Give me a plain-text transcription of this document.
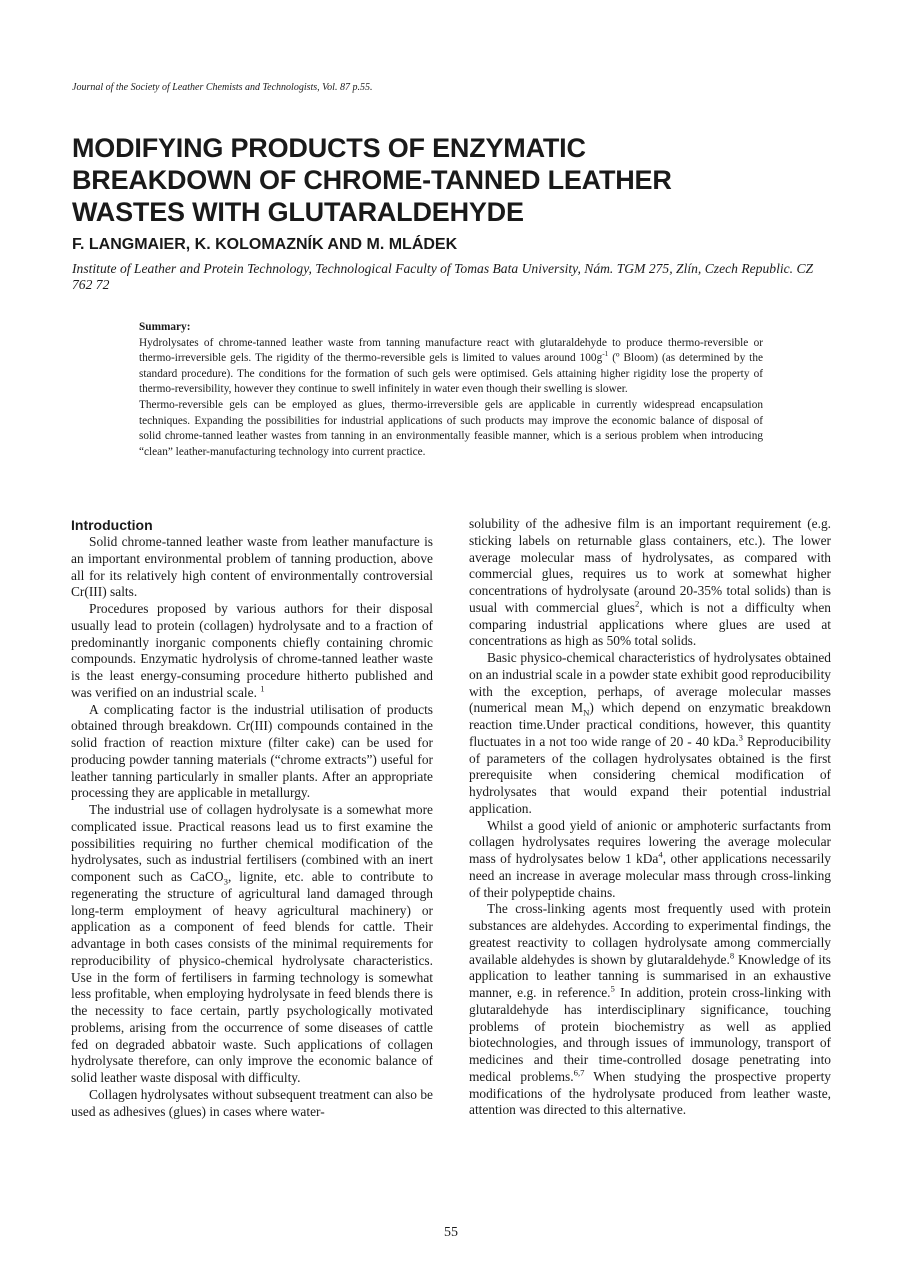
Journal of the Society of Leather Chemists and Technologists, Vol. 87 p.55.
MODIFYING PRODUCTS OF ENZYMATIC
BREAKDOWN OF CHROME-TANNED LEATHER
WASTES WITH GLUTARALDEHYDE
F. LANGMAIER, K. KOLOMAZNÍK AND M. MLÁDEK
Institute of Leather and Protein Technology, Technological Faculty of Tomas Bata University, Nám. TGM 275, Zlín, Czech Republic. CZ 762 72

Summary:

Hydrolysates of chrome-tanned leather waste from tanning manufacture react with glutaraldehyde to produce thermo-reversible or thermo-irreversible gels. The rigidity of the thermo-reversible gels is limited to values around $100g^{-1}$ (º Bloom) (as determined by the standard procedure). The conditions for the formation of such gels were optimised. Gels attaining higher rigidity lose the property of thermo-reversibility, however they continue to swell infinitely in water even though their swelling is slower.

Thermo-reversible gels can be employed as glues, thermo-irreversible gels are applicable in currently widespread encapsulation techniques. Expanding the possibilities for industrial applications of such products may improve the economic balance of disposal of solid chrome-tanned leather wastes from tanning in an environmentally feasible manner, which is a serious problem when introducing “clean” leather-manufacturing technology into current practice.

Introduction

Solid chrome-tanned leather waste from leather manufacture is an important environmental problem of tanning production, above all for its relatively high content of environmentally controversial Cr(III) salts.

Procedures proposed by various authors for their disposal usually lead to protein (collagen) hydrolysate and to a fraction of predominantly inorganic components chiefly containing chromic compounds. Enzymatic hydrolysis of chrome-tanned leather waste is the least energy-consuming procedure hitherto published and was verified on an industrial scale. $^1$

A complicating factor is the industrial utilisation of products obtained through breakdown. Cr(III) compounds contained in the solid fraction of reaction mixture (filter cake) can be used for producing powder tanning materials (“chrome extracts”) useful for leather tanning particularly in smaller plants. After an appropriate processing they are applicable in metallurgy.

The industrial use of collagen hydrolysate is a somewhat more complicated issue. Practical reasons lead us to first examine the possibilities requiring no further chemical modification of the hydrolysates, such as industrial fertilisers (combined with an inert component such as CaCO$_3$, lignite, etc. able to contribute to regenerating the structure of agricultural land damaged through long-term employment of heavy agricultural machinery) or application as a component of feed blends for cattle. Their advantage in both cases consists of the minimal requirements for reproducibility of physico-chemical hydrolysate characteristics. Use in the form of fertilisers in farming technology is somewhat less profitable, when employing hydrolysate in feed blends there is the necessity to face certain, partly psychologically motivated problems, arising from the occurrence of some diseases of cattle fed on degraded abbatoir waste. Such applications of collagen hydrolysate therefore, can only improve the economic balance of solid leather waste disposal with difficulty.

Collagen hydrolysates without subsequent treatment can also be used as adhesives (glues) in cases where water-

solubility of the adhesive film is an important requirement (e.g. sticking labels on returnable glass containers, etc.). The lower average molecular mass of hydrolysates, as compared with commercial glues, requires us to work at somewhat higher concentrations of hydrolysate (around 20-35% total solids) than is usual with commercial glues$^2$, which is not a difficulty when comparing industrial applications where glues are used at concentrations as high as 50% total solids.

Basic physico-chemical characteristics of hydrolysates obtained on an industrial scale in a powder state exhibit good reproducibility with the exception, perhaps, of average molecular masses (numerical mean $M_N$) which depend on enzymatic breakdown reaction time.Under practical conditions, however, this quantity fluctuates in a not too wide range of 20 - 40 kDa.$^3$ Reproducibility of parameters of the collagen hydrolysates obtained is the first prerequisite when considering chemical modification of hydrolysates that would expand their potential industrial application.

Whilst a good yield of anionic or amphoteric surfactants from collagen hydrolysates requires lowering the average molecular mass of hydrolysates below 1 kDa$^4$, other applications necessarily need an increase in average molecular mass through cross-linking of their polypeptide chains.

The cross-linking agents most frequently used with protein substances are aldehydes. According to experimental findings, the greatest reactivity to collagen hydrolysate among commercially available aldehydes is shown by glutaraldehyde.$^8$ Knowledge of its application to leather tanning is summarised in an exhaustive manner, e.g. in reference.$^5$ In addition, protein cross-linking with glutaraldehyde has interdisciplinary significance, touching problems of protein biochemistry as well as applied biotechnologies, and through issues of immunology, transport of medicines and their time-controlled dosage penetrating into medical problems.$^{6,7}$ When studying the prospective property modifications of the hydrolysate produced from leather waste, attention was directed to this alternative.

55
